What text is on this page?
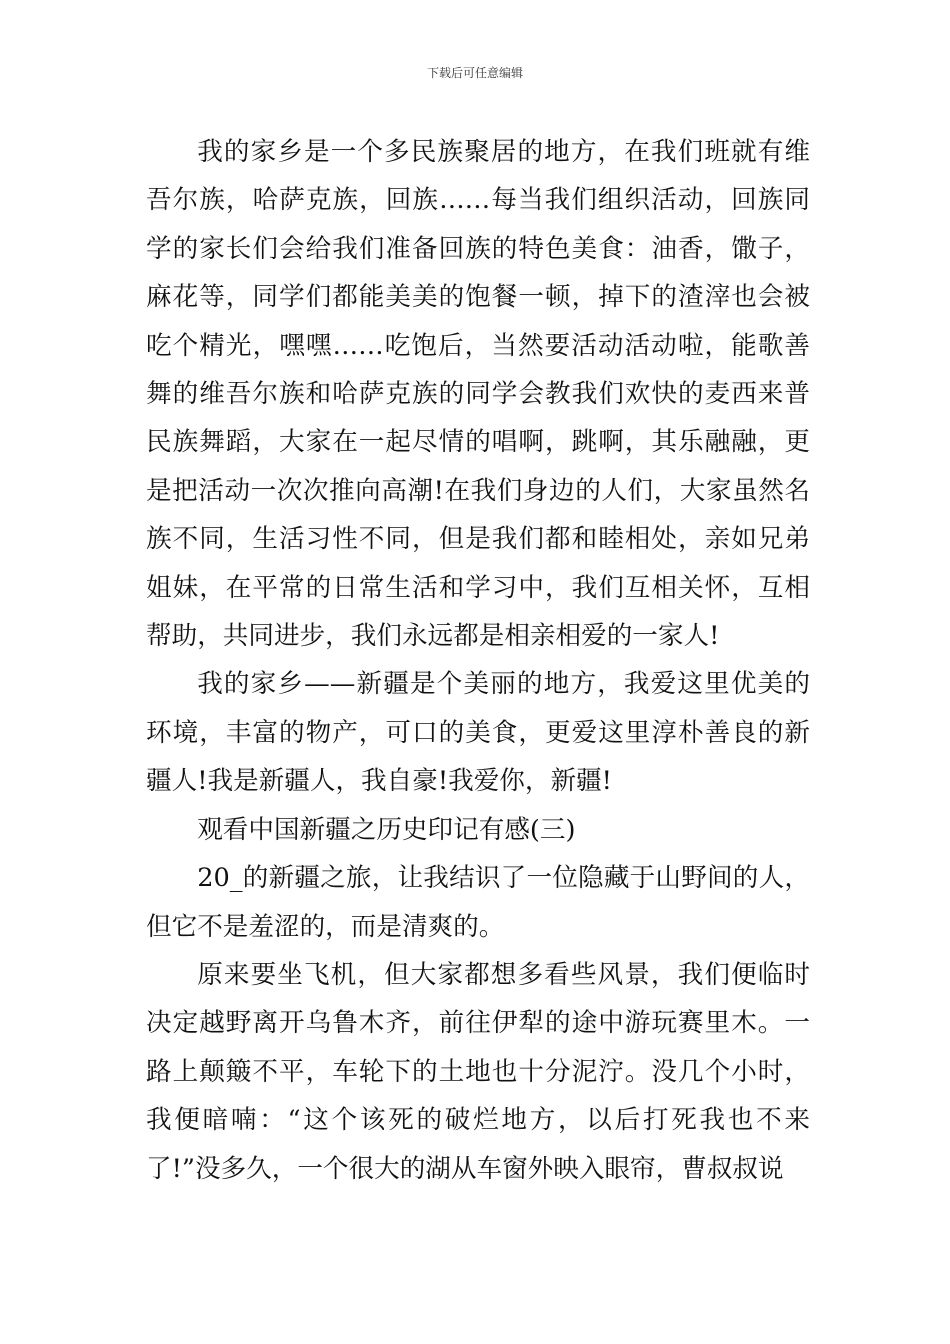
下载后可任意编辑

我的家乡是一个多民族聚居的地方，在我们班就有维吾尔族，哈萨克族，回族……每当我们组织活动，回族同学的家长们会给我们准备回族的特色美食：油香，馓子，麻花等，同学们都能美美的饱餐一顿，掉下的渣滓也会被吃个精光，嘿嘿……吃饱后，当然要活动活动啦，能歌善舞的维吾尔族和哈萨克族的同学会教我们欢快的麦西来普民族舞蹈，大家在一起尽情的唱啊，跳啊，其乐融融，更是把活动一次次推向高潮!在我们身边的人们，大家虽然名族不同，生活习性不同，但是我们都和睦相处，亲如兄弟姐妹，在平常的日常生活和学习中，我们互相关怀，互相帮助，共同进步，我们永远都是相亲相爱的一家人!

我的家乡——新疆是个美丽的地方，我爱这里优美的环境，丰富的物产，可口的美食，更爱这里淳朴善良的新疆人!我是新疆人，我自豪!我爱你，新疆!

观看中国新疆之历史印记有感(三)

20_的新疆之旅，让我结识了一位隐藏于山野间的人，但它不是羞涩的，而是清爽的。

原来要坐飞机，但大家都想多看些风景，我们便临时决定越野离开乌鲁木齐，前往伊犁的途中游玩赛里木。一路上颠簸不平，车轮下的土地也十分泥泞。没几个小时，我便暗喃：“这个该死的破烂地方，以后打死我也不来了!”没多久，一个很大的湖从车窗外映入眼帘，曹叔叔说
